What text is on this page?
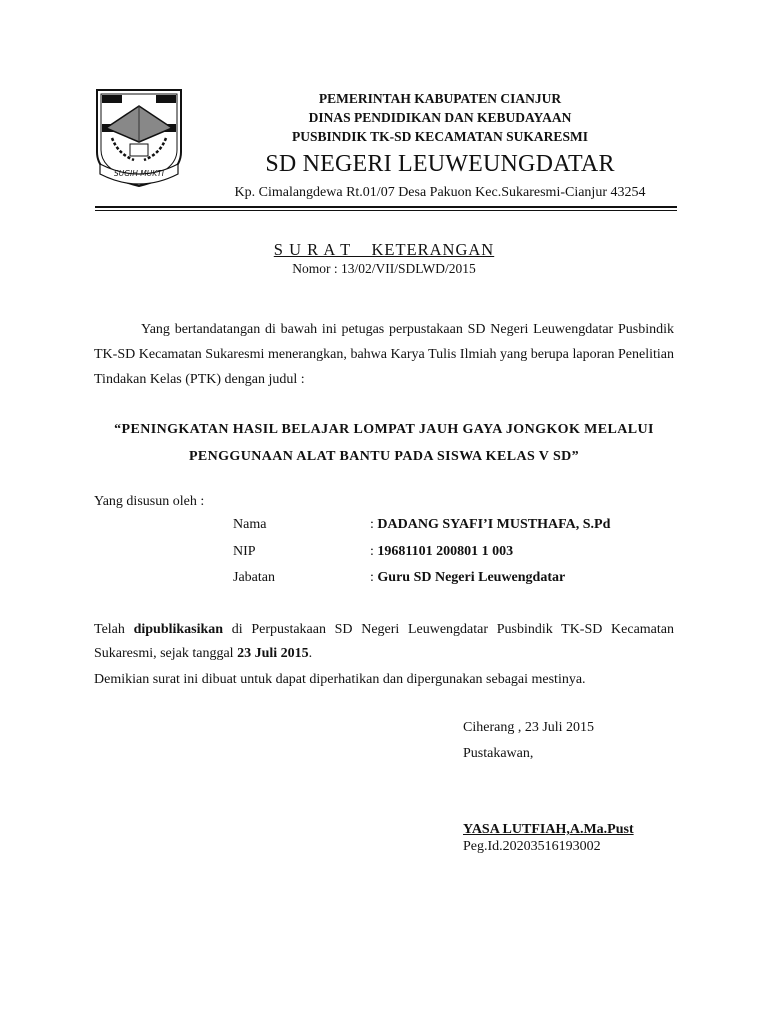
SUGIH MUKTI
PEMERINTAH KABUPATEN CIANJUR
DINAS PENDIDIKAN DAN KEBUDAYAAN
PUSBINDIK TK-SD KECAMATAN SUKARESMI
SD NEGERI LEUWEUNGDATAR
Kp. Cimalangdewa Rt.01/07 Desa Pakuon Kec.Sukaresmi-Cianjur 43254
S U R A T    KETERANGAN
Nomor : 13/02/VII/SDLWD/2015
Yang bertandatangan di bawah ini petugas perpustakaan SD Negeri Leuwengdatar Pusbindik TK-SD Kecamatan Sukaresmi menerangkan, bahwa Karya Tulis Ilmiah yang berupa laporan Penelitian Tindakan Kelas (PTK) dengan judul :
“PENINGKATAN HASIL BELAJAR LOMPAT JAUH GAYA JONGKOK MELALUI
PENGGUNAAN ALAT BANTU PADA SISWA KELAS V SD”
Yang disusun oleh :
Nama	: DADANG SYAFI’I MUSTHAFA, S.Pd
NIP	: 19681101 200801 1 003
Jabatan	: Guru SD Negeri Leuwengdatar
Telah dipublikasikan di Perpustakaan SD Negeri Leuwengdatar Pusbindik TK-SD Kecamatan Sukaresmi, sejak tanggal 23 Juli 2015.
Demikian surat ini dibuat untuk dapat diperhatikan dan dipergunakan sebagai mestinya.
Ciherang , 23 Juli 2015
Pustakawan,
YASA LUTFIAH,A.Ma.Pust
Peg.Id.20203516193002
